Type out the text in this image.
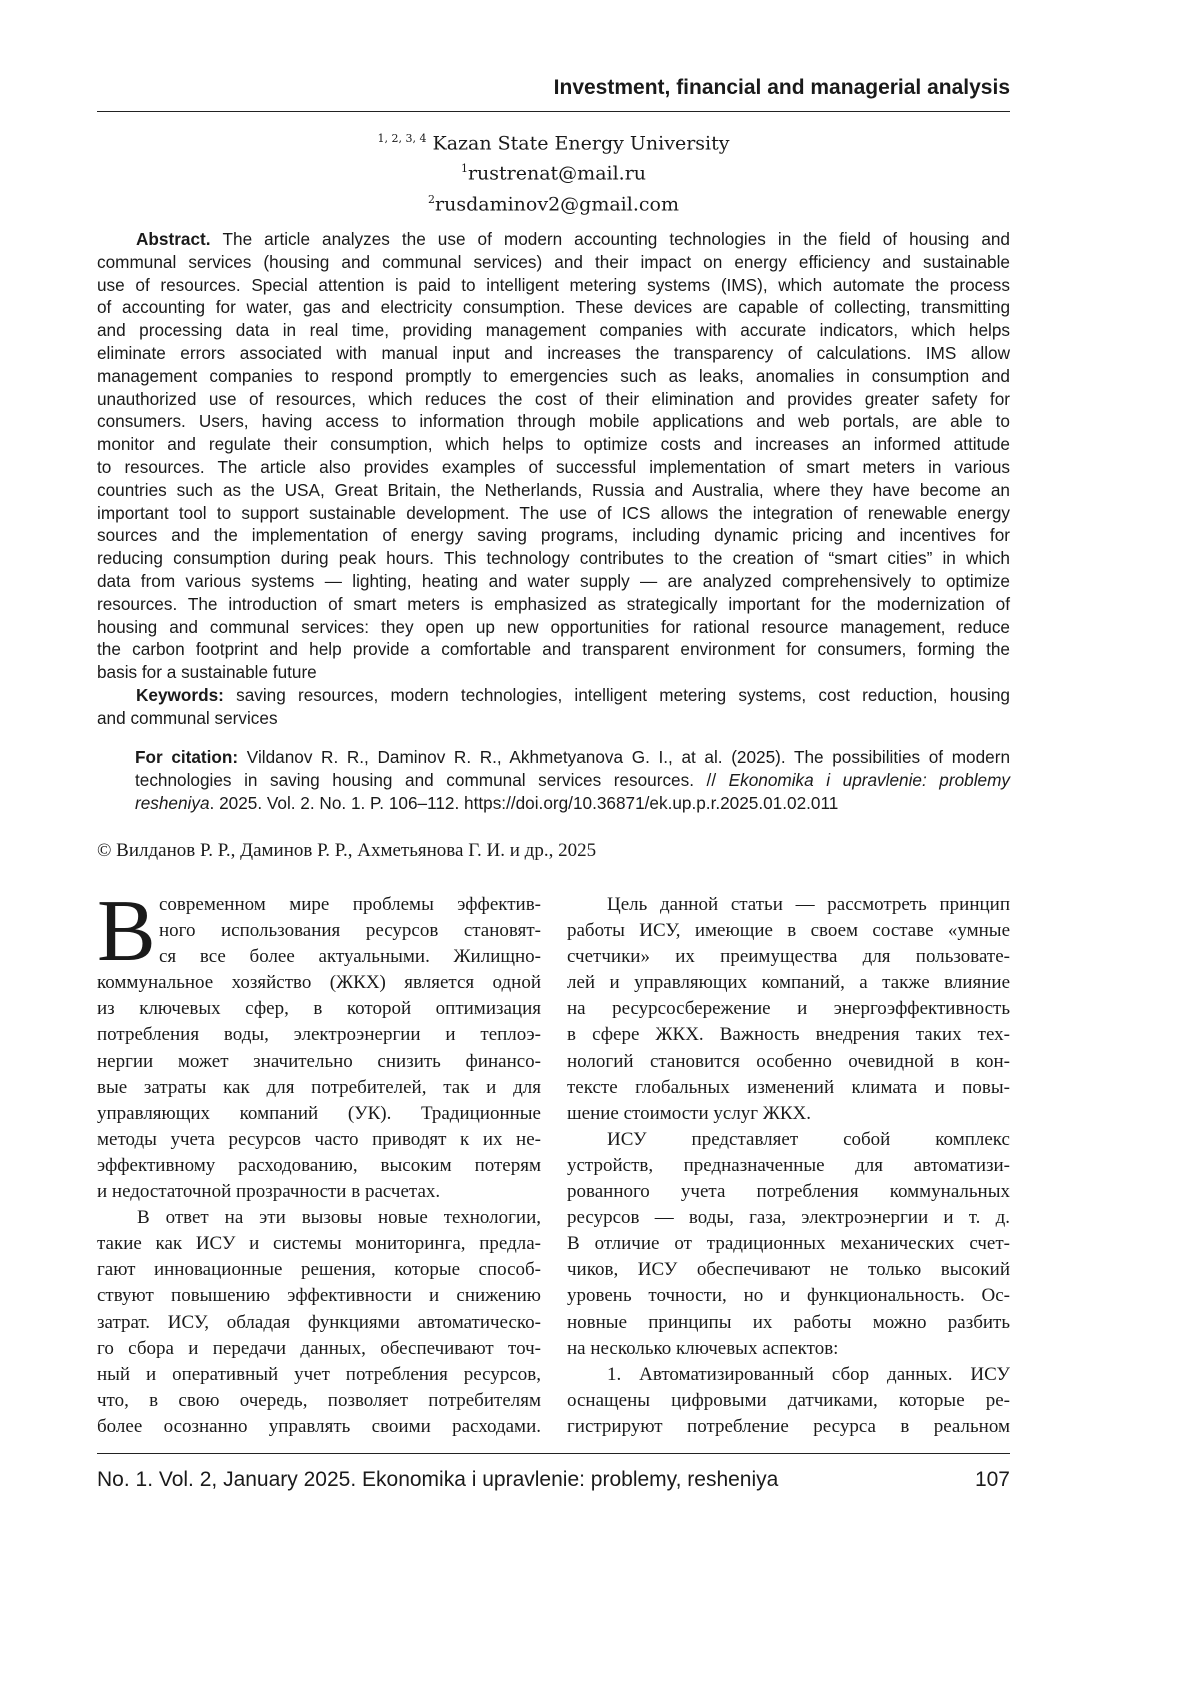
Investment, financial and managerial analysis
1, 2, 3, 4 Kazan State Energy University
1rustrenat@mail.ru
2rusdaminov2@gmail.com
Abstract. The article analyzes the use of modern accounting technologies in the field of housing and
communal services (housing and communal services) and their impact on energy efficiency and sustainable
use of resources. Special attention is paid to intelligent metering systems (IMS), which automate the process
of accounting for water, gas and electricity consumption. These devices are capable of collecting, transmitting
and processing data in real time, providing management companies with accurate indicators, which helps
eliminate errors associated with manual input and increases the transparency of calculations. IMS allow
management companies to respond promptly to emergencies such as leaks, anomalies in consumption and
unauthorized use of resources, which reduces the cost of their elimination and provides greater safety for
consumers. Users, having access to information through mobile applications and web portals, are able to
monitor and regulate their consumption, which helps to optimize costs and increases an informed attitude
to resources. The article also provides examples of successful implementation of smart meters in various
countries such as the USA, Great Britain, the Netherlands, Russia and Australia, where they have become an
important tool to support sustainable development. The use of ICS allows the integration of renewable energy
sources and the implementation of energy saving programs, including dynamic pricing and incentives for
reducing consumption during peak hours. This technology contributes to the creation of “smart cities” in which
data from various systems — lighting, heating and water supply — are analyzed comprehensively to optimize
resources. The introduction of smart meters is emphasized as strategically important for the modernization of
housing and communal services: they open up new opportunities for rational resource management, reduce
the carbon footprint and help provide a comfortable and transparent environment for consumers, forming the
basis for a sustainable future
Keywords: saving resources, modern technologies, intelligent metering systems, cost reduction, housing
and communal services
For citation: Vildanov R. R., Daminov R. R., Akhmetyanova G. I., at al. (2025). The possibilities of modern
technologies in saving housing and communal services resources. // Ekonomika i upravlenie: problemy
resheniya. 2025. Vol. 2. No. 1. P. 106–112. https://doi.org/10.36871/ek.up.p.r.2025.01.02.011
© Вилданов Р. Р., Даминов Р. Р., Ахметьянова Г. И. и др., 2025
В современном мире проблемы эффектив-
ного использования ресурсов становят-
ся все более актуальными. Жилищно-
коммунальное хозяйство (ЖКХ) является одной
из ключевых сфер, в которой оптимизация
потребления воды, электроэнергии и теплоэ-
нергии может значительно снизить финансо-
вые затраты как для потребителей, так и для
управляющих компаний (УК). Традиционные
методы учета ресурсов часто приводят к их не-
эффективному расходованию, высоким потерям
и недостаточной прозрачности в расчетах.
В ответ на эти вызовы новые технологии,
такие как ИСУ и системы мониторинга, предла-
гают инновационные решения, которые способ-
ствуют повышению эффективности и снижению
затрат. ИСУ, обладая функциями автоматическо-
го сбора и передачи данных, обеспечивают точ-
ный и оперативный учет потребления ресурсов,
что, в свою очередь, позволяет потребителям
более осознанно управлять своими расходами.
Цель данной статьи — рассмотреть принцип
работы ИСУ, имеющие в своем составе «умные
счетчики» их преимущества для пользовате-
лей и управляющих компаний, а также влияние
на ресурсосбережение и энергоэффективность
в сфере ЖКХ. Важность внедрения таких тех-
нологий становится особенно очевидной в кон-
тексте глобальных изменений климата и повы-
шение стоимости услуг ЖКХ.
ИСУ представляет собой комплекс
устройств, предназначенные для автоматизи-
рованного учета потребления коммунальных
ресурсов — воды, газа, электроэнергии и т. д.
В отличие от традиционных механических счет-
чиков, ИСУ обеспечивают не только высокий
уровень точности, но и функциональность. Ос-
новные принципы их работы можно разбить
на несколько ключевых аспектов:
1. Автоматизированный сбор данных. ИСУ
оснащены цифровыми датчиками, которые ре-
гистрируют потребление ресурса в реальном
No. 1. Vol. 2, January 2025. Ekonomika i upravlenie: problemy, resheniya	107
